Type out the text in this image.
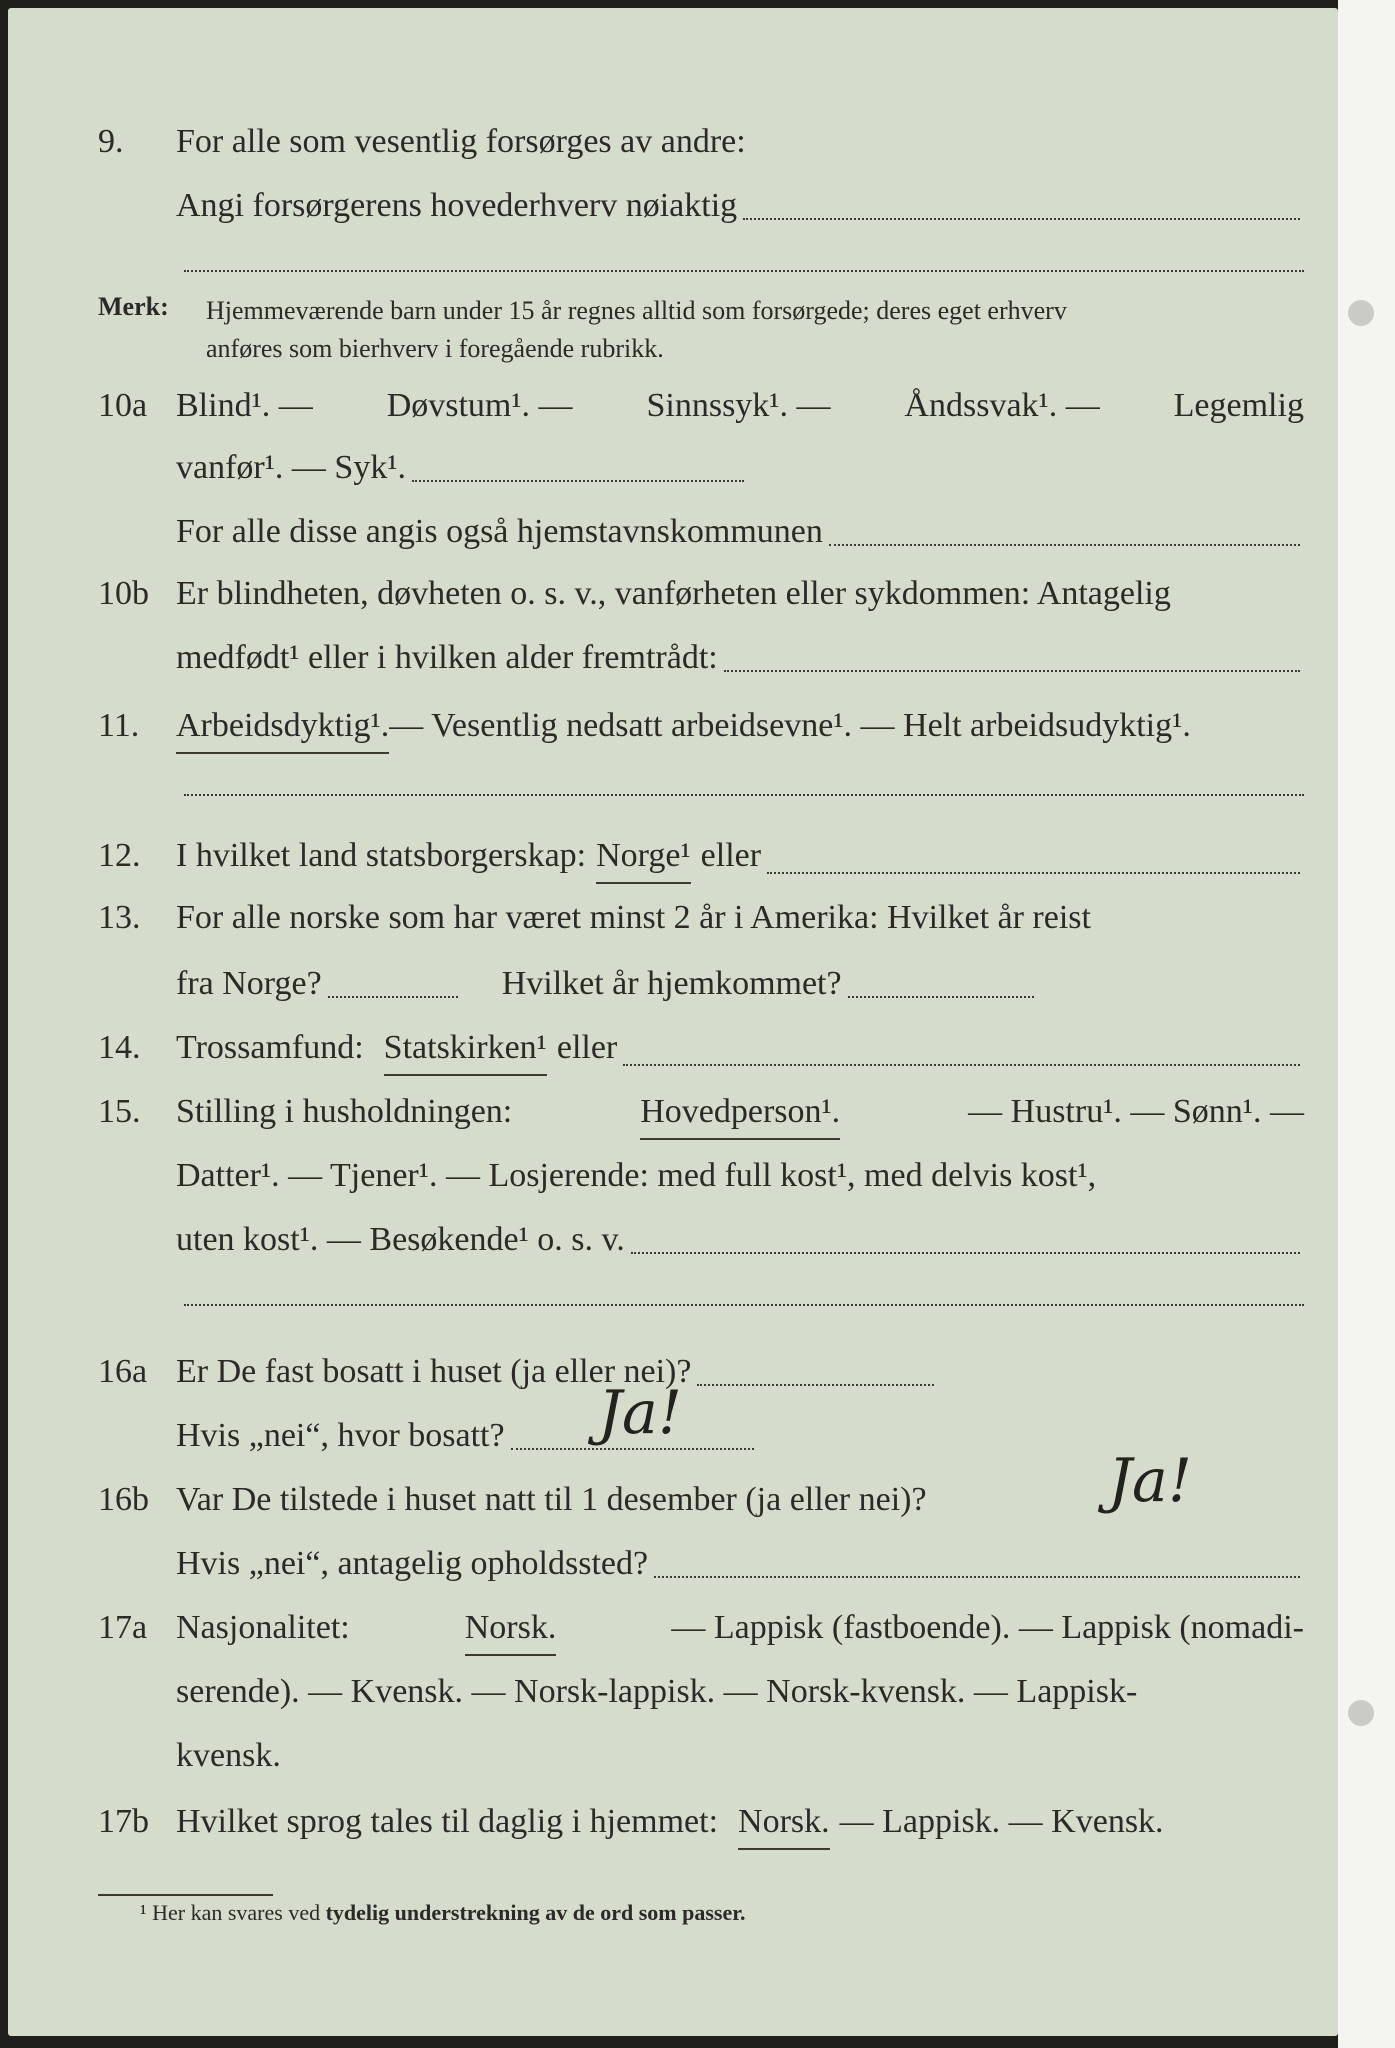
9. For alle som vesentlig forsørges av andre:
Angi forsørgerens hovederhverv nøiaktig
Merk: Hjemmeværende barn under 15 år regnes alltid som forsørgede; deres eget erhverv
anføres som bierhverv i foregående rubrikk.
10a Blind¹. — Døvstum¹. — Sinnssyk¹. — Åndssvak¹. — Legemlig
vanfør¹. — Syk¹.
For alle disse angis også hjemstavnskommunen
10b Er blindheten, døvheten o. s. v., vanførheten eller sykdommen: Antagelig
medfødt¹ eller i hvilken alder fremtrådt:
11. Arbeidsdyktig¹. — Vesentlig nedsatt arbeidsevne¹. — Helt arbeidsudyktig¹.
12. I hvilket land statsborgerskap: Norge¹ eller
13. For alle norske som har været minst 2 år i Amerika: Hvilket år reist
fra Norge?	Hvilket år hjemkommet?
14. Trossamfund: Statskirken¹ eller
15. Stilling i husholdningen:	Hovedperson¹.	— Hustru¹. — Sønn¹. —
Datter¹. — Tjener¹. — Losjerende: med full kost¹, med delvis kost¹,
uten kost¹. — Besøkende¹ o. s. v.
16a Er De fast bosatt i huset (ja eller nei)?
Hvis „nei“, hvor bosatt? Ja!
16b Var De tilstede i huset natt til 1 desember (ja eller nei)?	Ja!
Hvis „nei“, antagelig opholdssted?
17a Nasjonalitet:	Norsk.	— Lappisk (fastboende). — Lappisk (nomadi-
serende). — Kvensk. — Norsk-lappisk. — Norsk-kvensk. — Lappisk-
kvensk.
17b Hvilket sprog tales til daglig i hjemmet: Norsk. — Lappisk. — Kvensk.
¹ Her kan svares ved tydelig understrekning av de ord som passer.
